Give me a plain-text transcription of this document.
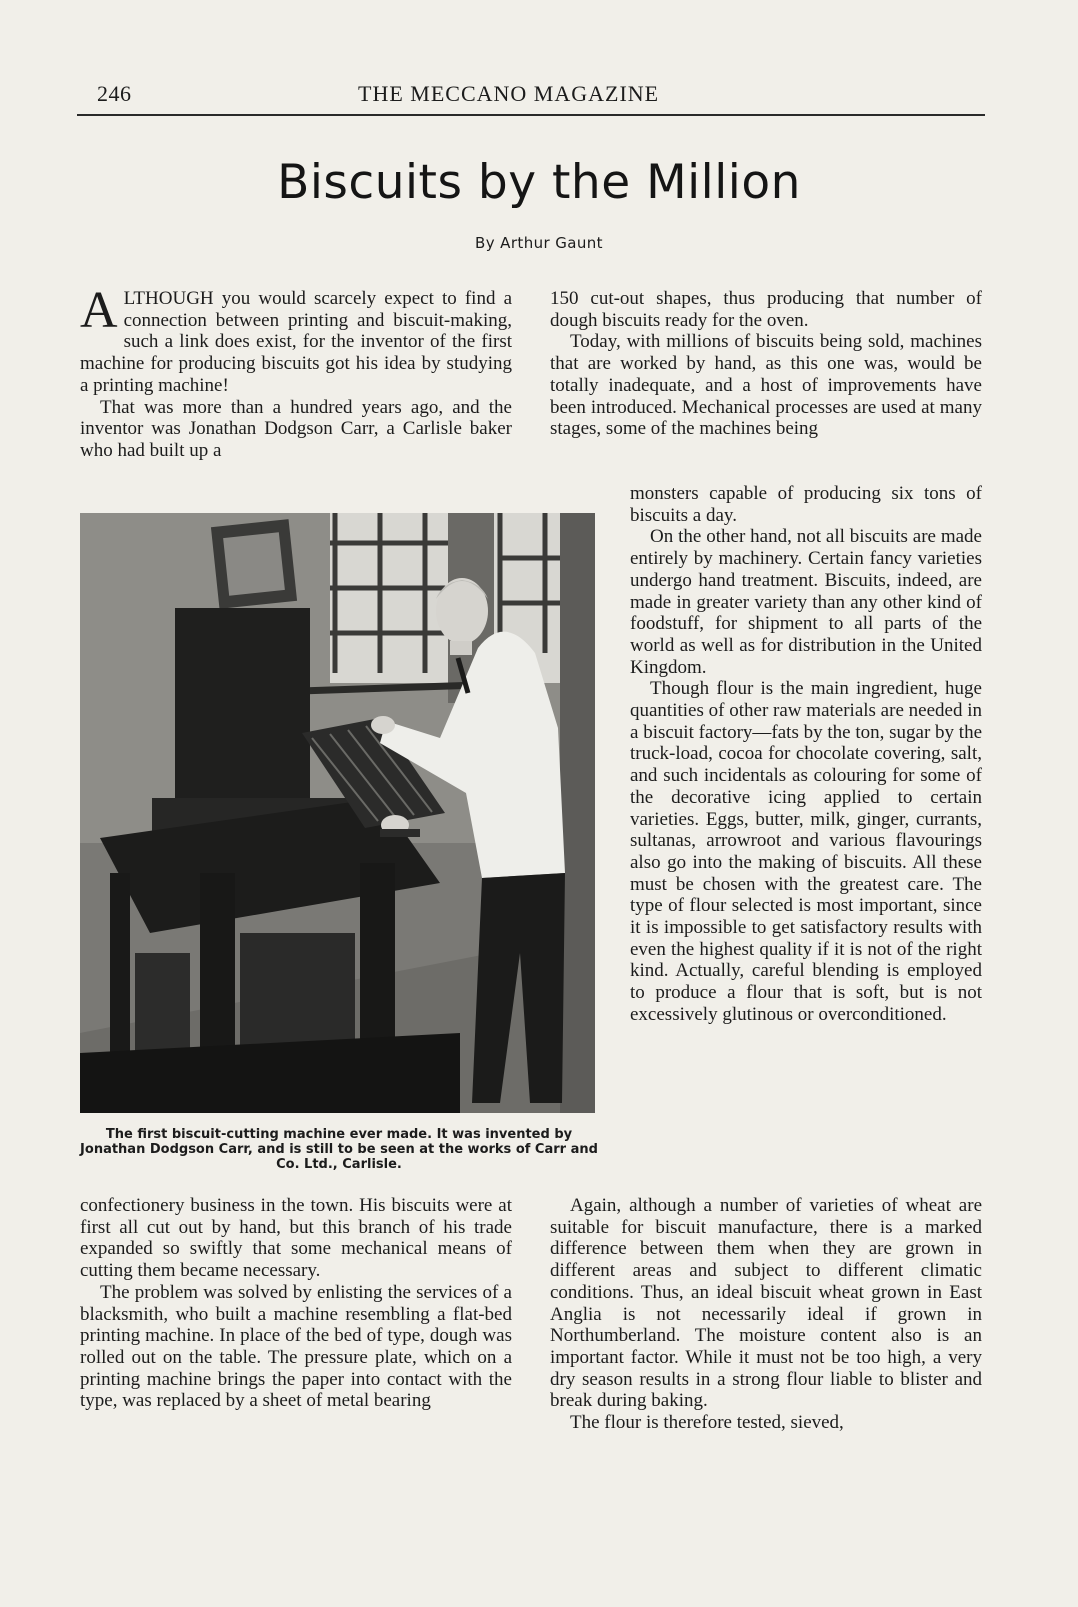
246	THE MECCANO MAGAZINE
Biscuits by the Million
By Arthur Gaunt

ALTHOUGH you would scarcely expect to find a connection between printing and biscuit-making, such a link does exist, for the inventor of the first machine for producing biscuits got his idea by studying a printing machine!

That was more than a hundred years ago, and the inventor was Jonathan Dodgson Carr, a Carlisle baker who had built up a

The first biscuit-cutting machine ever made. It was invented by Jonathan Dodgson Carr, and is still to be seen at the works of Carr and Co. Ltd., Carlisle.

confectionery business in the town. His biscuits were at first all cut out by hand, but this branch of his trade expanded so swiftly that some mechanical means of cutting them became necessary.

The problem was solved by enlisting the services of a blacksmith, who built a machine resembling a flat-bed printing machine. In place of the bed of type, dough was rolled out on the table. The pressure plate, which on a printing machine brings the paper into contact with the type, was replaced by a sheet of metal bearing

150 cut-out shapes, thus producing that number of dough biscuits ready for the oven.

Today, with millions of biscuits being sold, machines that are worked by hand, as this one was, would be totally inadequate, and a host of improvements have been introduced. Mechanical processes are used at many stages, some of the machines being

monsters capable of producing six tons of biscuits a day.

On the other hand, not all biscuits are made entirely by machinery. Certain fancy varieties undergo hand treatment. Biscuits, indeed, are made in greater variety than any other kind of foodstuff, for shipment to all parts of the world as well as for distribution in the United Kingdom.

Though flour is the main ingredient, huge quantities of other raw materials are needed in a biscuit factory—fats by the ton, sugar by the truck-load, cocoa for chocolate covering, salt, and such incidentals as colouring for some of the decorative icing applied to certain varieties. Eggs, butter, milk, ginger, currants, sultanas, arrowroot and various flavourings also go into the making of biscuits. All these must be chosen with the greatest care. The type of flour selected is most important, since it is impossible to get satisfactory results with even the highest quality if it is not of the right kind. Actually, careful blending is employed to produce a flour that is soft, but is not excessively glutinous or overconditioned.

Again, although a number of varieties of wheat are suitable for biscuit manufacture, there is a marked difference between them when they are grown in different areas and subject to different climatic conditions. Thus, an ideal biscuit wheat grown in East Anglia is not necessarily ideal if grown in Northumberland. The moisture content also is an important factor. While it must not be too high, a very dry season results in a strong flour liable to blister and break during baking.

The flour is therefore tested, sieved,
